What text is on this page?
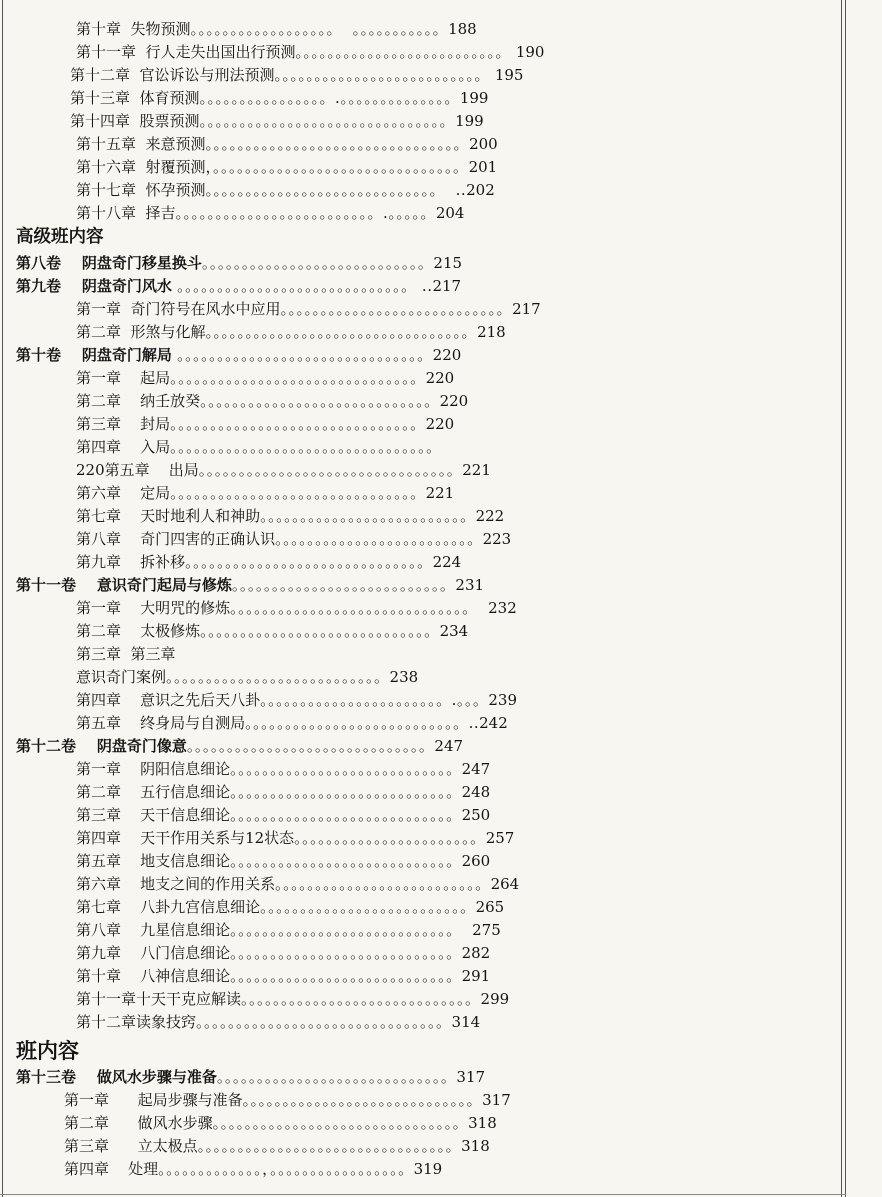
第十章  失物预测。。。。。。。。。。。。。。。。。。  。。。。。。。。。。。188
第十一章  行人走失出国出行预测。。。。。。。。。。。。。。。。。。。。。。。。。。 190
第十二章  官讼诉讼与刑法预测。。。。。。。。。。。。。。。。。。。。。。。。。。 195
第十三章  体育预测。。。。。。。。。。。。。。。。.。。。。。。。。。。。。。。199
第十四章  股票预测。。。。。。。。。。。。。。。。。。。。。。。。。。。。。。。199
第十五章  来意预测。。。。。。。。。。。。。。。。。。。。。。。。。。。。。。。。200
第十六章  射覆预测，。。。。。。。。。。。。。。。。。。。。。。。。。。。。。。。201
第十七章  怀孕预测。。。。。。。。。。。。。。。。。。。。。。。。。。。。。  ..202
第十八章  择吉。。。。。。。。。。。。。。。。。。。。。。。。。.。。。。。204
高级班内容
第八卷    阴盘奇门移星换斗。。。。。。。。。。。。。。。。。。。。。。。。。。。。215
第九卷    阴盘奇门风水 。。。。。。。。。。。。。。。。。。。。。。。。。。。。。 ..217
第一章  奇门符号在风水中应用。。。。。。。。。。。。。。。。。。。。。。。。。。。。217
第二章  形煞与化解。。。。。。。。。。。。。。。。。。。。。。。。。。。。。。。。。218
第十卷    阴盘奇门解局 。。。。。。。。。。。。。。。。。。。。。。。。。。。。。。。220
第一章    起局。。。。。。。。。。。。。。。。。。。。。。。。。。。。。。。220
第二章    纳壬放癸。。。。。。。。。。。。。。。。。。。。。。。。。。。。。220
第三章    封局。。。。。。。。。。。。。。。。。。。。。。。。。。。。。。。220
第四章    入局。。。。。。。。。。。。。。。。。。。。。。。。。。。。。。。。。
220第五章    出局。。。。。。。。。。。。。。。。。。。。。。。。。。。。。。。。221
第六章    定局。。。。。。。。。。。。。。。。。。。。。。。。。。。。。。。221
第七章    天时地利人和神助。。。。。。。。。。。。。。。。。。。。。。。。。。222
第八章    奇门四害的正确认识。。。。。。。。。。。。。。。。。。。。。。。。。223
第九章    拆补移。。。。。。。。。。。。。。。。。。。。。。。。。。。。。。224
第十一卷    意识奇门起局与修炼。。。。。。。。。。。。。。。。。。。。。。。。。。。231
第一章    大明咒的修炼。。。。。。。。。。。。。。。。。。。。。。。。。。。。。。  232
第二章    太极修炼。。。。。。。。。。。。。。。。。。。。。。。。。。。。。234
第三章  第三章
意识奇门案例。。。。。。。。。。。。。。。。。。。。。。。。。。。238
第四章    意识之先后天八卦。。。。。。。。。。。。。。。。。。。。。。。.。。。239
第五章    终身局与自测局。。。。。。。。。。。。。。。。。。。。。。。。。。。..242
第十二卷    阴盘奇门像意。。。。。。。。。。。。。。。。。。。。。。。。。。。。。。247
第一章    阴阳信息细论。。。。。。。。。。。。。。。。。。。。。。。。。。。。247
第二章    五行信息细论。。。。。。。。。。。。。。。。。。。。。。。。。。。。248
第三章    天干信息细论。。。。。。。。。。。。。。。。。。。。。。。。。。。。250
第四章    天干作用关系与12状态。。。。。。。。。。。。。。。。。。。。。。。257
第五章    地支信息细论。。。。。。。。。。。。。。。。。。。。。。。。。。。。260
第六章    地支之间的作用关系。。。。。。。。。。。。。。。。。。。。。。。。。。264
第七章    八卦九宫信息细论。。。。。。。。。。。。。。。。。。。。。。。。。。265
第八章    九星信息细论。。。。。。。。。。。。。。。。。。。。。。。。。。。。  275
第九章    八门信息细论。。。。。。。。。。。。。。。。。。。。。。。。。。。。282
第十章    八神信息细论。。。。。。。。。。。。。。。。。。。。。。。。。。。。291
第十一章十天干克应解读。。。。。。。。。。。。。。。。。。。。。。。。。。。。。299
第十二章读象技窍。。。。。。。。。。。。。。。。。。。。。。。。。。。。。。。314
班内容
第十三卷    做风水步骤与准备。。。。。。。。。。。。。。。。。。。。。。。。。。。。。317
第一章      起局步骤与准备。。。。。。。。。。。。。。。。。。。。。。。。。。。。。317
第二章      做风水步骤。。。。。。。。。。。。。。。。。。。。。。。。。。。。。。。318
第三章      立太极点。。。。。。。。。。。。。。。。。。。。。。。。。。。。。。。。318
第四章    处理。。。。。。。。。。。。。，。。。。。。。。。。。。。。。。。319
